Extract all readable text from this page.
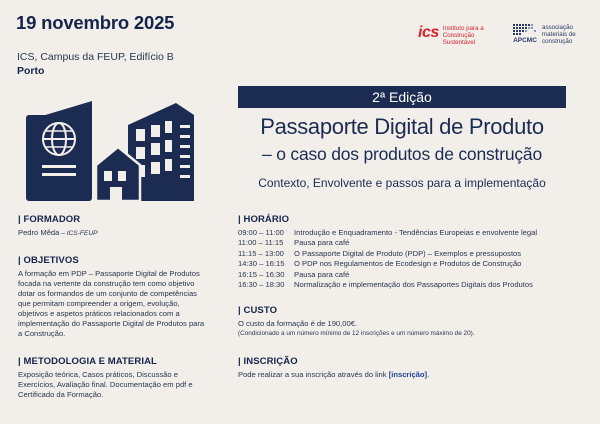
19 novembro 2025
ICS, Campus da FEUP, Edifício B
Porto
ics Instituto para a Construção Sustentável	APCMC
associação materiais de construção
2ª Edição
Passaporte Digital de Produto
– o caso dos produtos de construção
Contexto, Envolvente e passos para a implementação
| FORMADOR
Pedro Mêda – ICS-FEUP
| OBJETIVOS
A formação em PDP – Passaporte Digital de Produtos focada na vertente da construção tem como objetivo dotar os formandos de um conjunto de competências que permitam compreender a origem, evolução, objetivos e aspetos práticos relacionados com a implementação do Passaporte Digital de Produtos para a Construção.
| METODOLOGIA E MATERIAL
Exposição teórica, Casos práticos, Discussão e Exercícios, Avaliação final. Documentação em pdf e Certificado da Formação.
| HORÁRIO
09:00 – 11:00	Introdução e Enquadramento - Tendências Europeias e envolvente legal
11:00 – 11:15	Pausa para café
11:15 – 13:00	O Passaporte Digital de Produto (PDP) – Exemplos e pressupostos
14:30 – 16:15	O PDP nos Regulamentos de Ecodesign e Produtos de Construção
16:15 – 16:30	Pausa para café
16:30 – 18:30	Normalização e implementação dos Passaportes Digitais dos Produtos
| CUSTO
O custo da formação é de 190,00€.
(Condicionado a um número mínimo de 12 inscrições e um número máximo de 20).
| INSCRIÇÃO
Pode realizar a sua inscrição através do link [inscrição].
